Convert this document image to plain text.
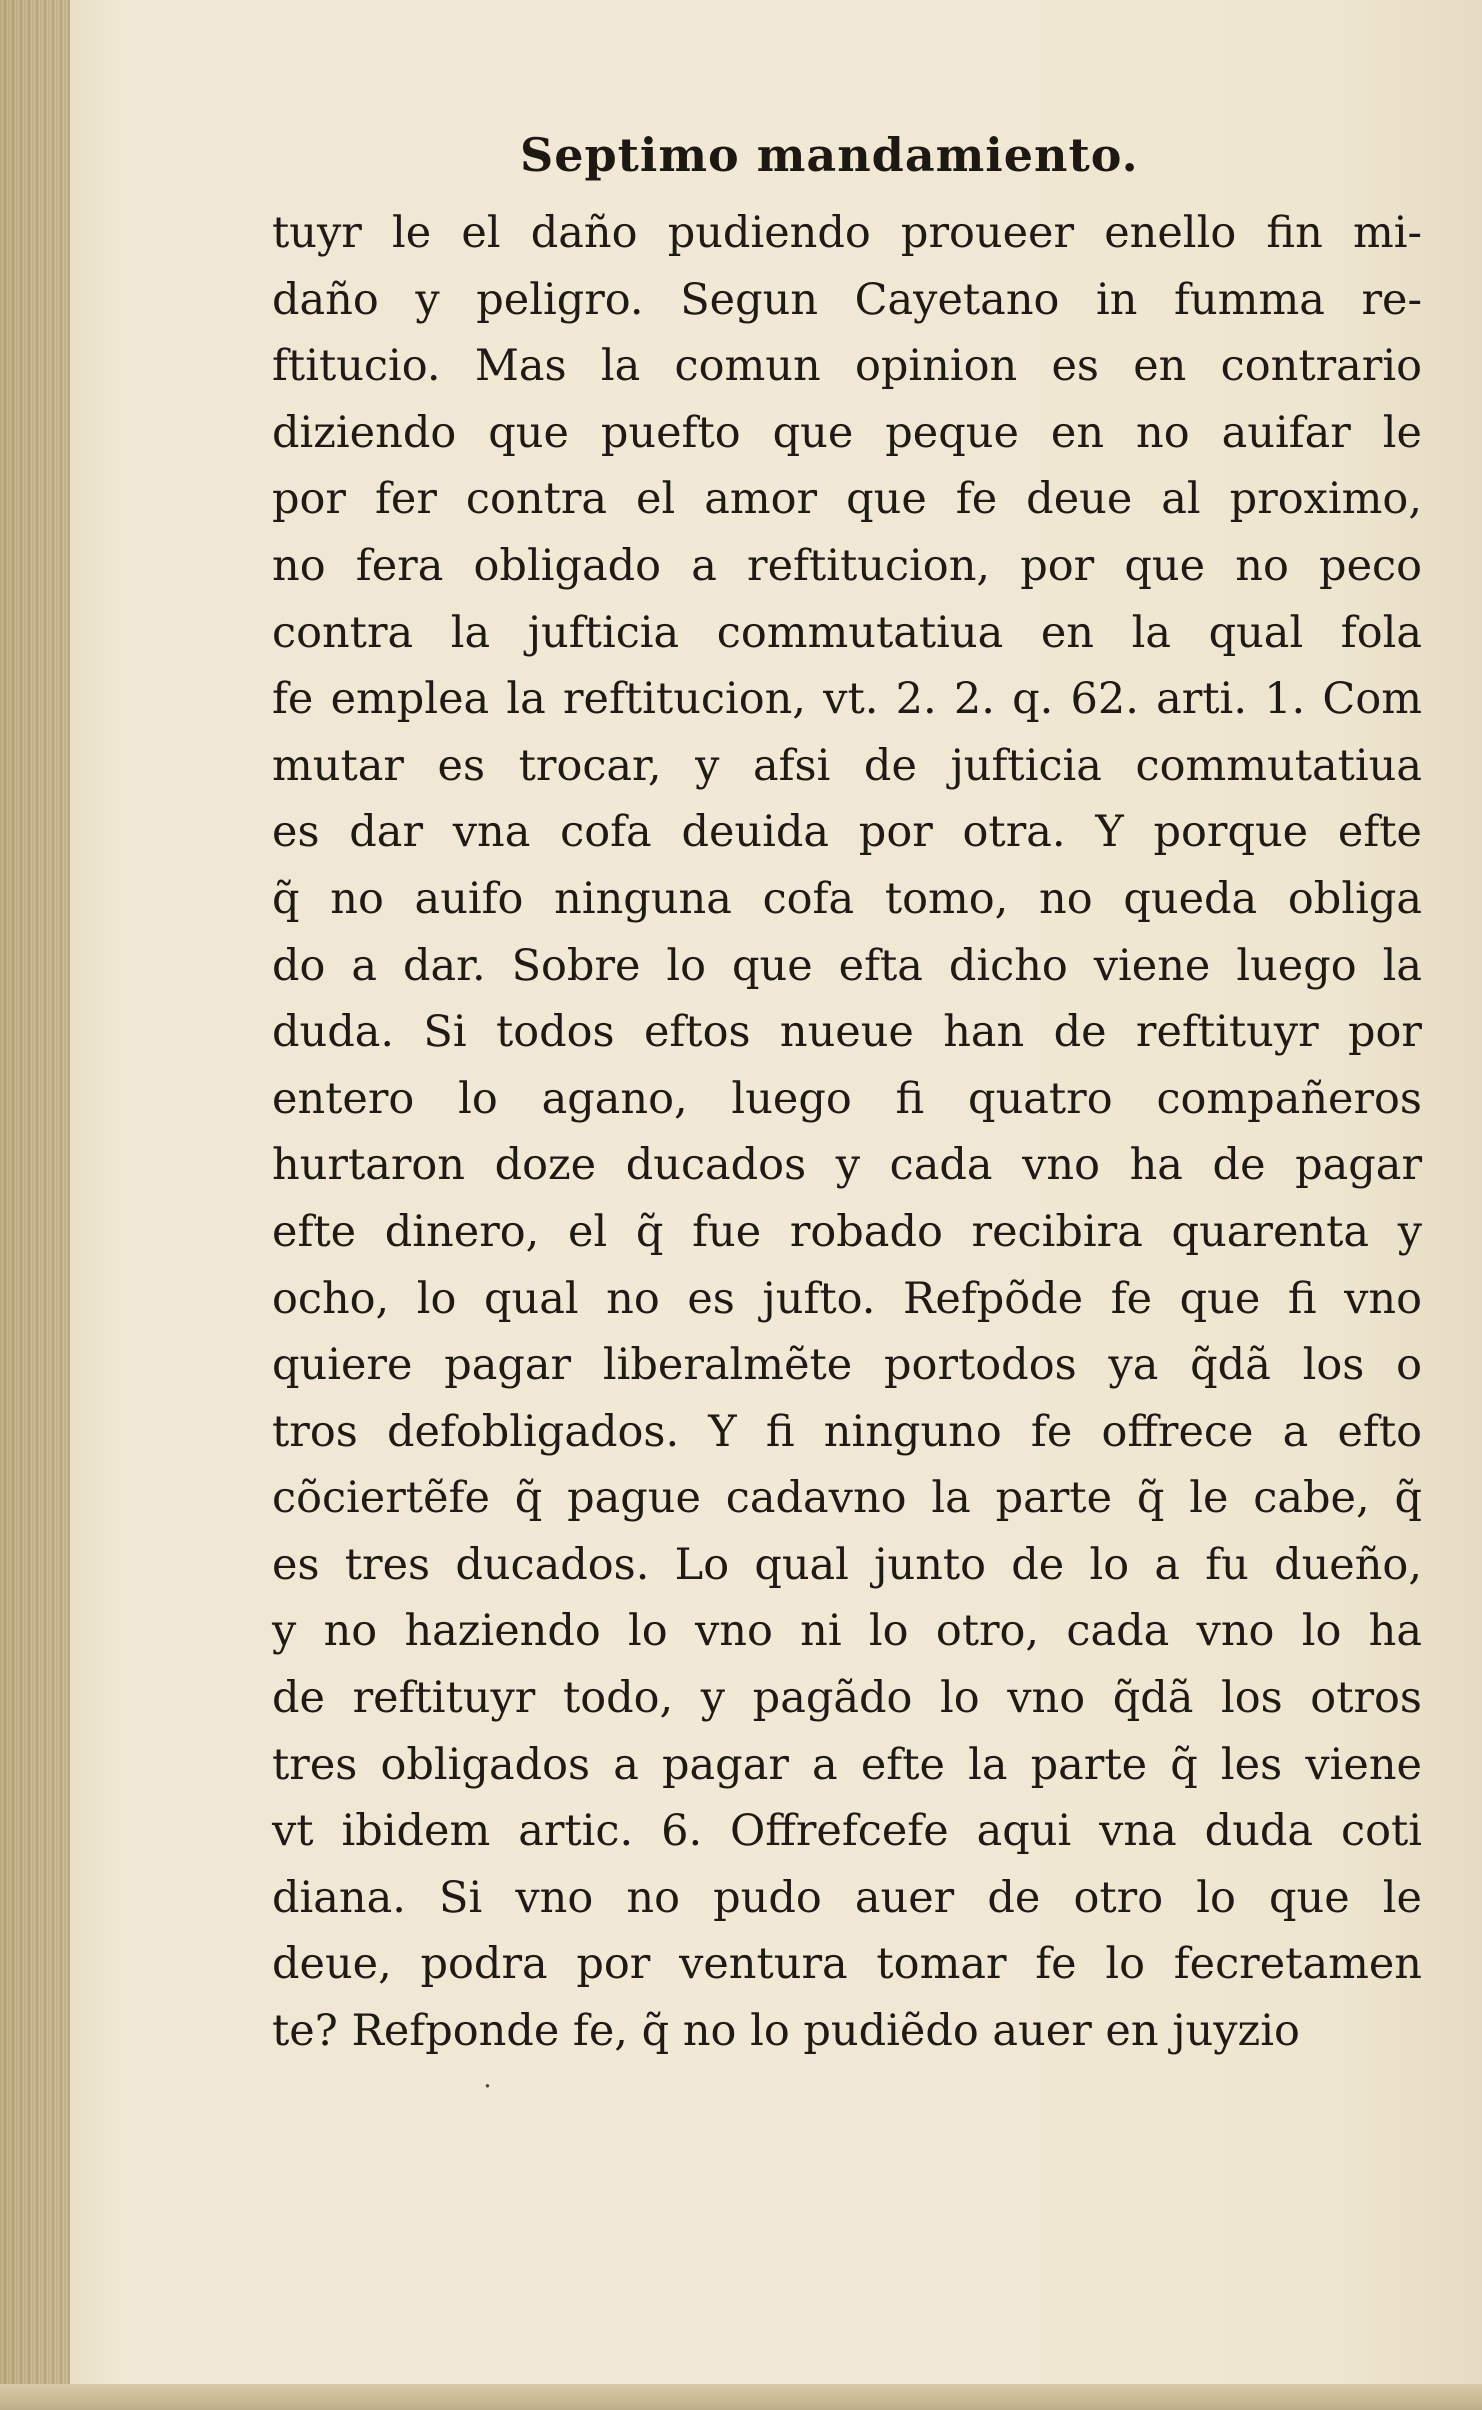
Septimo mandamiento.
tuyr le el daño pudiendo proueer enello fin mi-
daño y peligro. Segun Cayetano in fumma re-
ftitucio. Mas la comun opinion es en contrario
diziendo que puefto que peque en no auifar le
por fer contra el amor que fe deue al proximo,
no fera obligado a reftitucion, por que no peco
contra la jufticia commutatiua en la qual fola
fe emplea la reftitucion, vt. 2. 2. q. 62. arti. 1. Com
mutar es trocar, y afsi de jufticia commutatiua
es dar vna cofa deuida por otra. Y porque efte
q̃ no auifo ninguna cofa tomo, no queda obliga
do a dar. Sobre lo que efta dicho viene luego la
duda. Si todos eftos nueue han de reftituyr por
entero lo agano, luego fi quatro compañeros
hurtaron doze ducados y cada vno ha de pagar
efte dinero, el q̃ fue robado recibira quarenta y
ocho, lo qual no es jufto. Refpõde fe que fi vno
quiere pagar liberalmẽte portodos ya q̃dã los o
tros defobligados. Y fi ninguno fe offrece a efto
cõciertẽfe q̃ pague cadavno la parte q̃ le cabe, q̃
es tres ducados. Lo qual junto de lo a fu dueño,
y no haziendo lo vno ni lo otro, cada vno lo ha
de reftituyr todo, y pagãdo lo vno q̃dã los otros
tres obligados a pagar a efte la parte q̃ les viene
vt ibidem artic. 6. Offrefcefe aqui vna duda coti
diana. Si vno no pudo auer de otro lo que le
deue, podra por ventura tomar fe lo fecretamen
te? Refponde fe, q̃ no lo pudiẽdo auer en juyzio
˙
